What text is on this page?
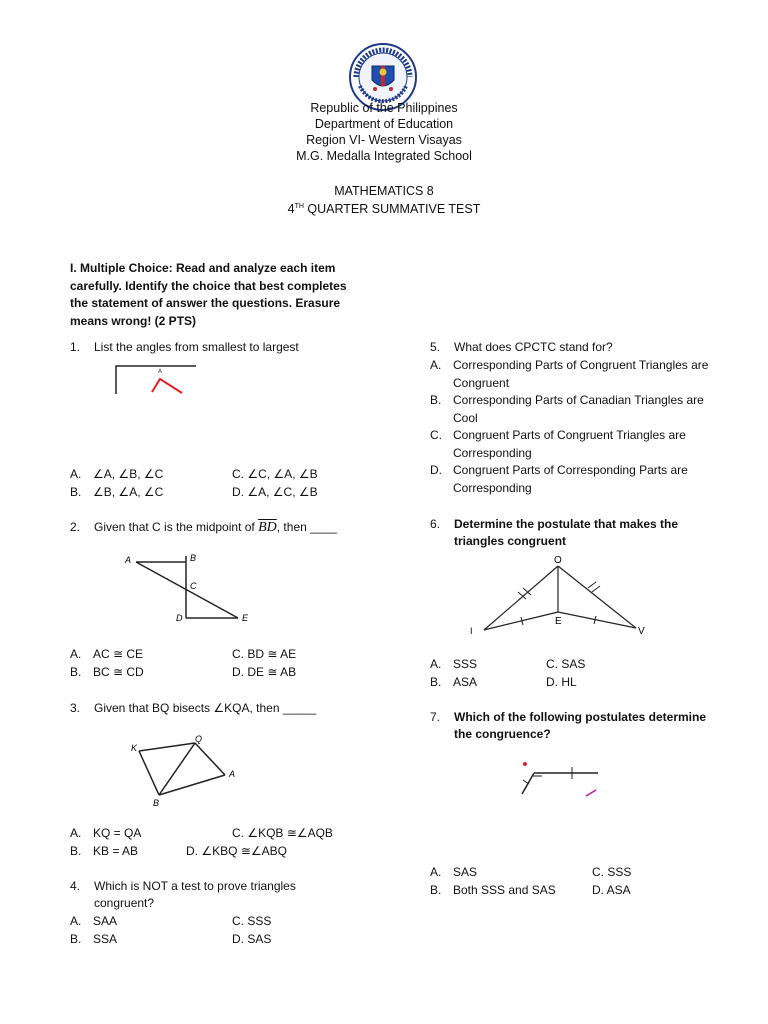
Republic of the Philippines
Department of Education
Region VI- Western Visayas
M.G. Medalla Integrated School
MATHEMATICS 8
4TH QUARTER SUMMATIVE TEST
I. Multiple Choice: Read and analyze each item carefully. Identify the choice that best completes the statement of answer the questions. Erasure means wrong! (2 PTS)
1. List the angles from smallest to largest
A
A. ∠A, ∠B, ∠C	C. ∠C, ∠A, ∠B
B. ∠B, ∠A, ∠C	D. ∠A, ∠C, ∠B
2. Given that C is the midpoint of $\overline{BD}$, then ____
A	B
C
D	E
A. AC ≅ CE	C. BD ≅ AE
B. BC ≅ CD	D. DE ≅ AB
3. Given that BQ bisects ∠KQA, then _____
K
Q
A
B
A. KQ = QA	C. ∠KQB ≅∠AQB
B. KB = AB	D. ∠KBQ ≅∠ABQ
4.	Which is NOT a test to prove triangles congruent?
A. SAA	C. SSS
B. SSA	D. SAS
5. What does CPCTC stand for?
A. Corresponding Parts of Congruent Triangles are Congruent
B. Corresponding Parts of Canadian Triangles are Cool
C. Congruent Parts of Congruent Triangles are Corresponding
D. Congruent Parts of Corresponding Parts are Corresponding
6.	Determine the postulate that makes the triangles congruent
O
E
I	V
A. SSS	C. SAS
B. ASA	D. HL
7.	Which of the following postulates determine the congruence?
A. SAS	C. SSS
B. Both SSS and SAS	D. ASA
